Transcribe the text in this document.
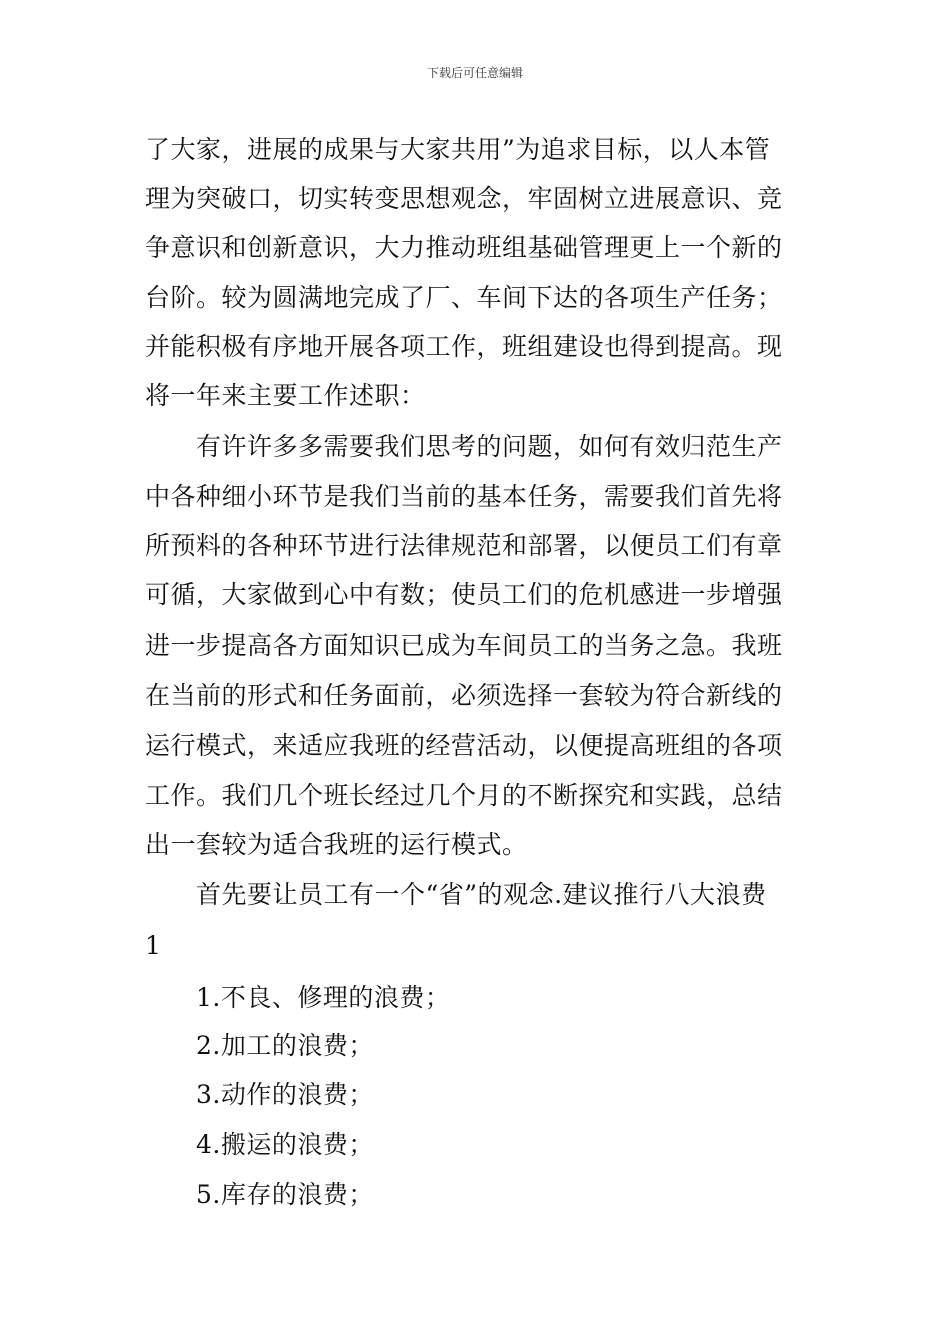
下载后可任意编辑
了大家，进展的成果与大家共用”为追求目标，以人本管
理为突破口，切实转变思想观念，牢固树立进展意识、竞
争意识和创新意识，大力推动班组基础管理更上一个新的
台阶。较为圆满地完成了厂、车间下达的各项生产任务；
并能积极有序地开展各项工作，班组建设也得到提高。现
将一年来主要工作述职：
有许许多多需要我们思考的问题，如何有效归范生产
中各种细小环节是我们当前的基本任务，需要我们首先将
所预料的各种环节进行法律规范和部署，以便员工们有章
可循，大家做到心中有数；使员工们的危机感进一步增强
进一步提高各方面知识已成为车间员工的当务之急。我班
在当前的形式和任务面前，必须选择一套较为符合新线的
运行模式，来适应我班的经营活动，以便提高班组的各项
工作。我们几个班长经过几个月的不断探究和实践，总结
出一套较为适合我班的运行模式。
首先要让员工有一个“省”的观念.建议推行八大浪费
1
1.不良、修理的浪费；
2.加工的浪费；
3.动作的浪费；
4.搬运的浪费；
5.库存的浪费；
